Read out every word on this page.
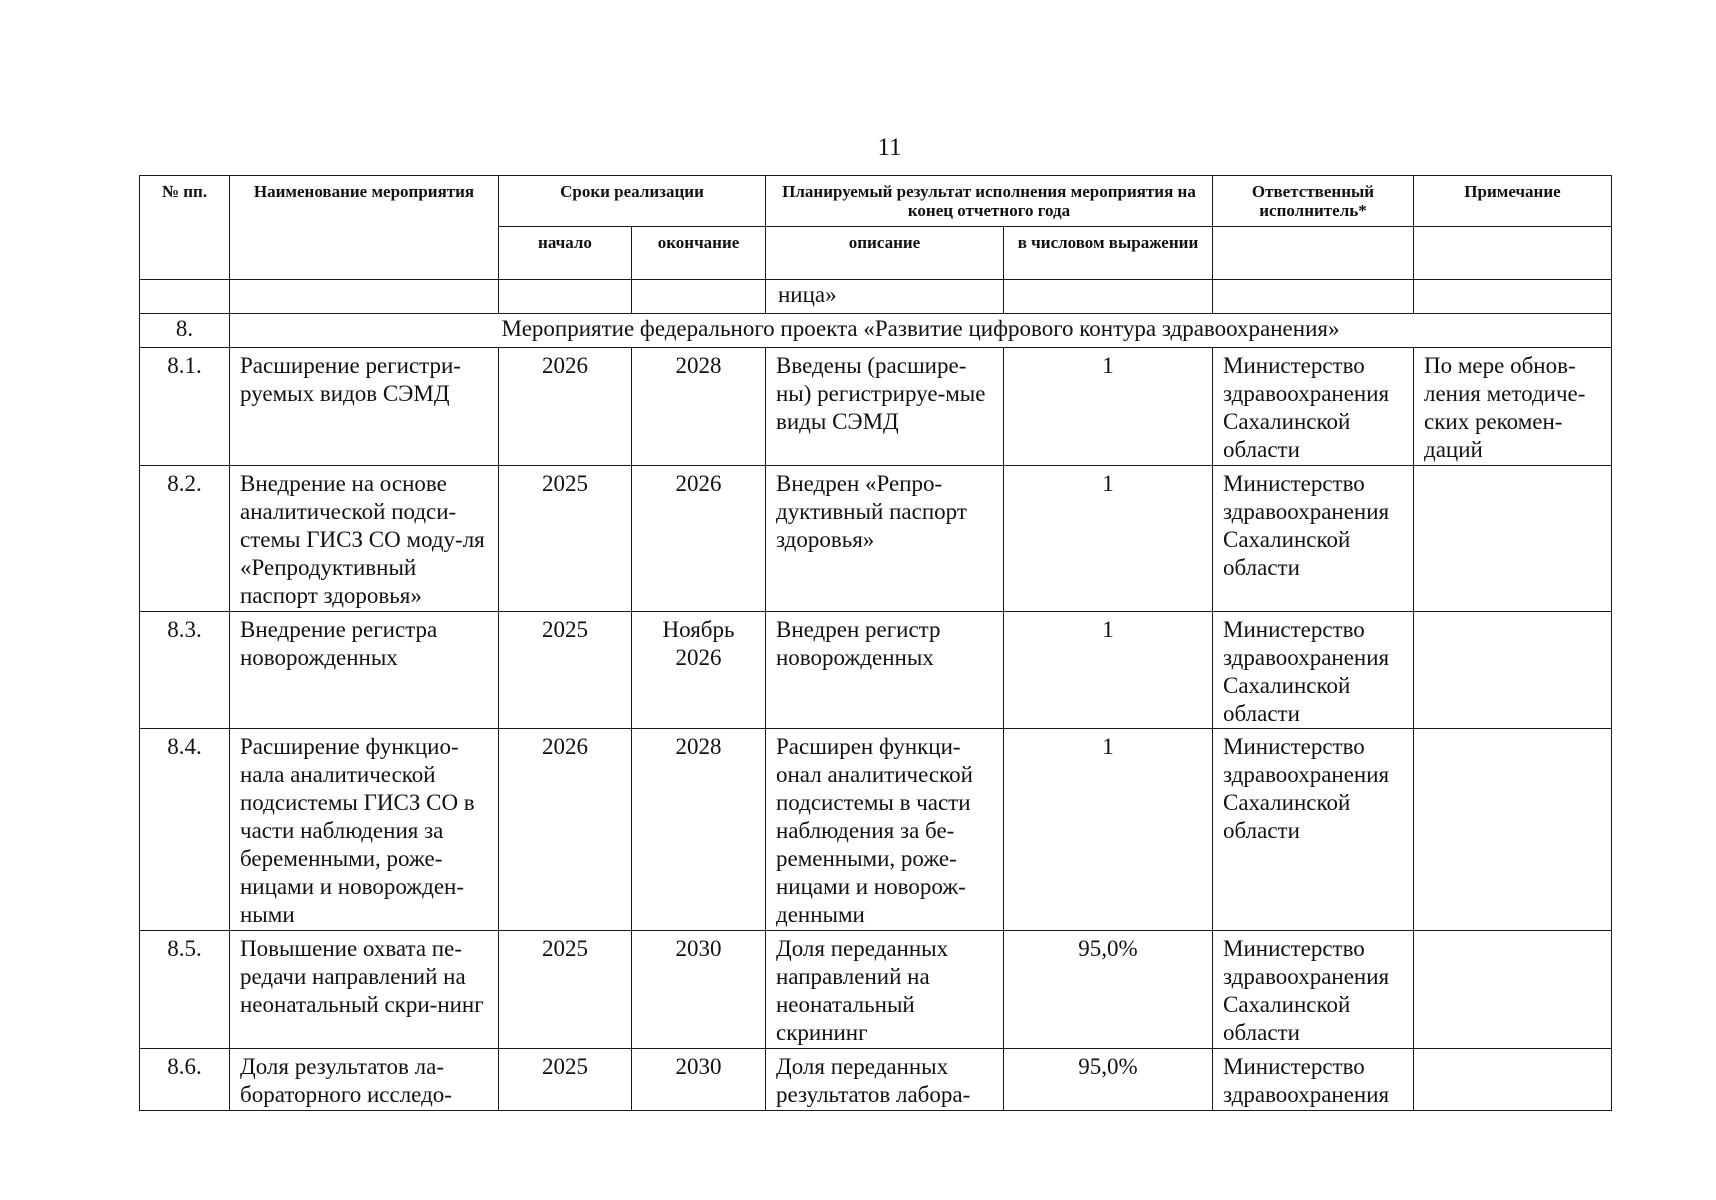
11
№ пп.	Наименование мероприятия	Сроки реализации		Планируемый результат исполнения мероприятия на конец отчетного года		Ответственный исполнитель*	Примечание
		начало	окончание	описание	в числовом выражении		
				ница»			
8.	Мероприятие федерального проекта «Развитие цифрового контура здравоохранения»						
8.1.	Расширение регистри-руемых видов СЭМД	2026	2028	Введены (расшире-ны) регистрируе-мые виды СЭМД	1	Министерство здравоохранения Сахалинской области	По мере обнов-ления методиче-ских рекомен-даций
8.2.	Внедрение на основе аналитической подси-стемы ГИСЗ СО моду-ля «Репродуктивный паспорт здоровья»	2025	2026	Внедрен «Репро-дуктивный паспорт здоровья»	1	Министерство здравоохранения Сахалинской области	
8.3.	Внедрение регистра новорожденных	2025	Ноябрь 2026	Внедрен регистр новорожденных	1	Министерство здравоохранения Сахалинской области	
8.4.	Расширение функцио-нала аналитической подсистемы ГИСЗ СО в части наблюдения за беременными, роже-ницами и новорожден-ными	2026	2028	Расширен функци-онал аналитической подсистемы в части наблюдения за бе-ременными, роже-ницами и новорож-денными	1	Министерство здравоохранения Сахалинской области	
8.5.	Повышение охвата пе-редачи направлений на неонатальный скри-нинг	2025	2030	Доля переданных направлений на неонатальный скрининг	95,0%	Министерство здравоохранения Сахалинской области	
8.6.	Доля результатов ла-бораторного исследо-	2025	2030	Доля переданных результатов лабора-	95,0%	Министерство здравоохранения	
